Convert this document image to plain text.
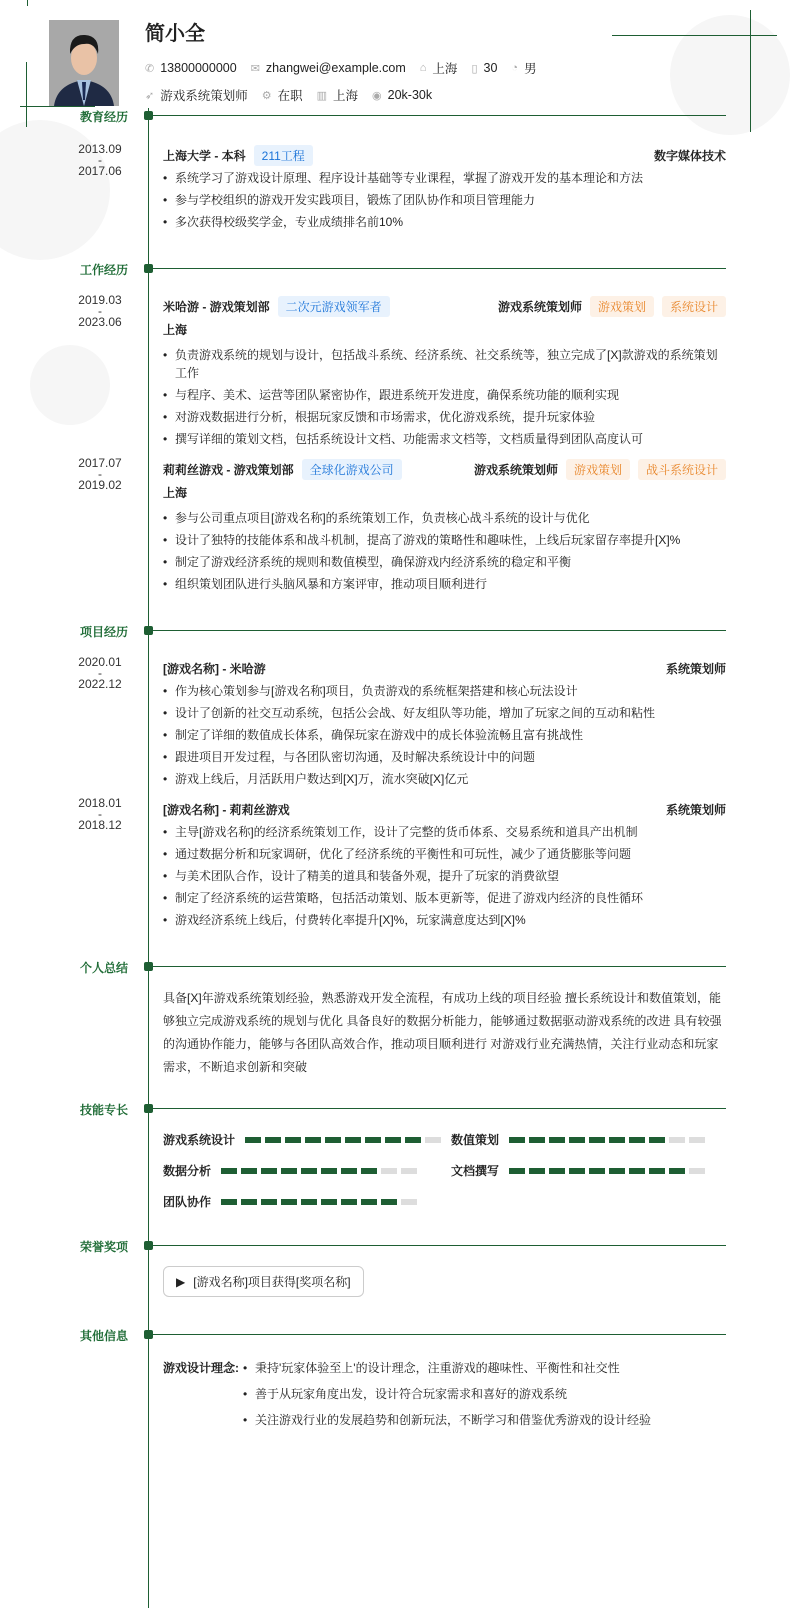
简小全
✆ 13800000000 ✉ zhangwei@example.com ⌂ 上海 ▯ 30 ◔ 男
➶ 游戏系统策划师 ⚙ 在职 ▥ 上海 ◉ 20k-30k
教育经历
2013.09
-
2017.06
上海大学 - 本科	211工程	数字媒体技术
• 系统学习了游戏设计原理、程序设计基础等专业课程，掌握了游戏开发的基本理论和方法
• 参与学校组织的游戏开发实践项目，锻炼了团队协作和项目管理能力
• 多次获得校级奖学金，专业成绩排名前10%
工作经历
2019.03
-
2023.06
米哈游 - 游戏策划部	二次元游戏领军者	游戏系统策划师	游戏策划	系统设计
上海
• 负责游戏系统的规划与设计，包括战斗系统、经济系统、社交系统等，独立完成了[X]款游戏的系统策划工作
• 与程序、美术、运营等团队紧密协作，跟进系统开发进度，确保系统功能的顺利实现
• 对游戏数据进行分析，根据玩家反馈和市场需求，优化游戏系统，提升玩家体验
• 撰写详细的策划文档，包括系统设计文档、功能需求文档等，文档质量得到团队高度认可
2017.07
-
2019.02
莉莉丝游戏 - 游戏策划部	全球化游戏公司	游戏系统策划师	游戏策划	战斗系统设计
上海
• 参与公司重点项目[游戏名称]的系统策划工作，负责核心战斗系统的设计与优化
• 设计了独特的技能体系和战斗机制，提高了游戏的策略性和趣味性，上线后玩家留存率提升[X]%
• 制定了游戏经济系统的规则和数值模型，确保游戏内经济系统的稳定和平衡
• 组织策划团队进行头脑风暴和方案评审，推动项目顺利进行
项目经历
2020.01
-
2022.12
[游戏名称] - 米哈游	系统策划师
• 作为核心策划参与[游戏名称]项目，负责游戏的系统框架搭建和核心玩法设计
• 设计了创新的社交互动系统，包括公会战、好友组队等功能，增加了玩家之间的互动和粘性
• 制定了详细的数值成长体系，确保玩家在游戏中的成长体验流畅且富有挑战性
• 跟进项目开发过程，与各团队密切沟通，及时解决系统设计中的问题
• 游戏上线后，月活跃用户数达到[X]万，流水突破[X]亿元
2018.01
-
2018.12
[游戏名称] - 莉莉丝游戏	系统策划师
• 主导[游戏名称]的经济系统策划工作，设计了完整的货币体系、交易系统和道具产出机制
• 通过数据分析和玩家调研，优化了经济系统的平衡性和可玩性，减少了通货膨胀等问题
• 与美术团队合作，设计了精美的道具和装备外观，提升了玩家的消费欲望
• 制定了经济系统的运营策略，包括活动策划、版本更新等，促进了游戏内经济的良性循环
• 游戏经济系统上线后，付费转化率提升[X]%，玩家满意度达到[X]%
个人总结
具备[X]年游戏系统策划经验，熟悉游戏开发全流程，有成功上线的项目经验 擅长系统设计和数值策划，能够独立完成游戏系统的规划与优化 具备良好的数据分析能力，能够通过数据驱动游戏系统的改进 具有较强的沟通协作能力，能够与各团队高效合作，推动项目顺利进行 对游戏行业充满热情，关注行业动态和玩家需求，不断追求创新和突破
技能专长
游戏系统设计	数值策划
数据分析	文档撰写
团队协作
荣誉奖项
▶ [游戏名称]项目获得[奖项名称]
其他信息
游戏设计理念:	• 秉持'玩家体验至上'的设计理念，注重游戏的趣味性、平衡性和社交性
• 善于从玩家角度出发，设计符合玩家需求和喜好的游戏系统
• 关注游戏行业的发展趋势和创新玩法，不断学习和借鉴优秀游戏的设计经验
